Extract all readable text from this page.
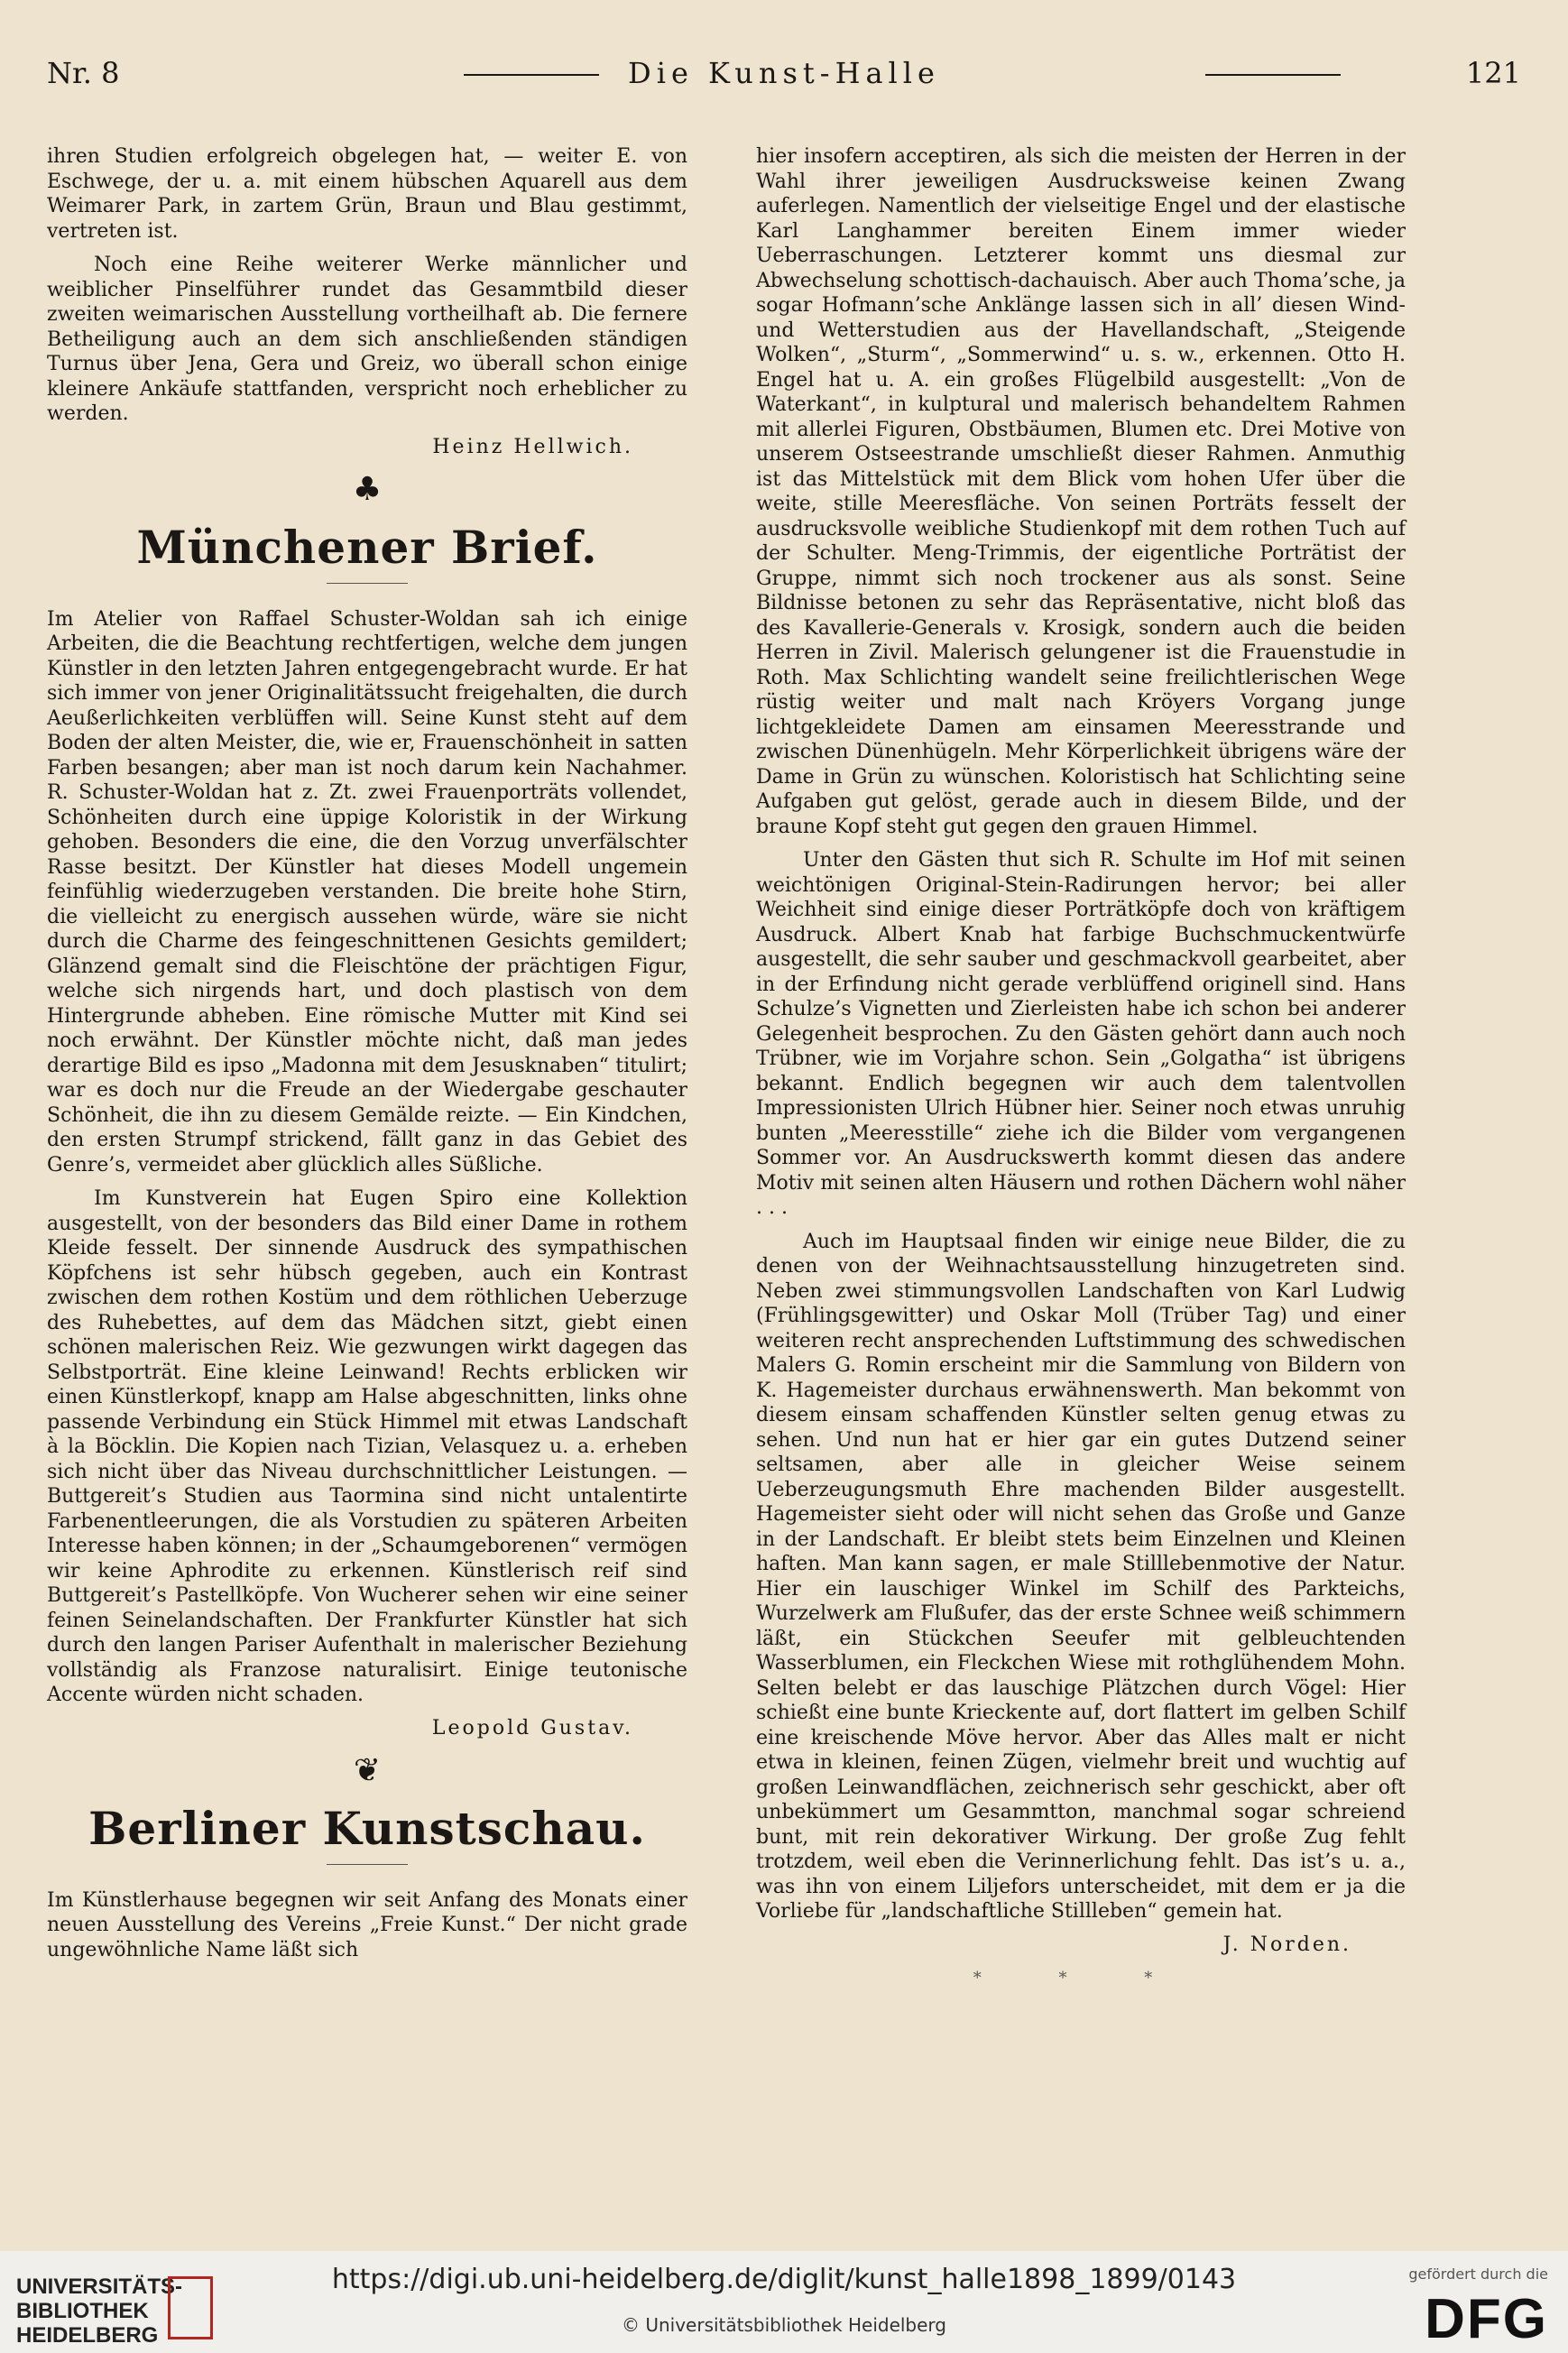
Nr. 8	Die Kunst-Halle	121

ihren Studien erfolgreich obgelegen hat, — weiter E. von Eschwege, der u. a. mit einem hübschen Aquarell aus dem Weimarer Park, in zartem Grün, Braun und Blau gestimmt, vertreten ist.

Noch eine Reihe weiterer Werke männlicher und weiblicher Pinselführer rundet das Gesammtbild dieser zweiten weimarischen Ausstellung vortheilhaft ab. Die fernere Betheiligung auch an dem sich anschließenden ständigen Turnus über Jena, Gera und Greiz, wo überall schon einige kleinere Ankäufe stattfanden, verspricht noch erheblicher zu werden.

Heinz Hellwich.
♣
Münchener Brief.

Im Atelier von Raffael Schuster-Woldan sah ich einige Arbeiten, die die Beachtung rechtfertigen, welche dem jungen Künstler in den letzten Jahren entgegengebracht wurde. Er hat sich immer von jener Originalitätssucht freigehalten, die durch Aeußerlichkeiten verblüffen will. Seine Kunst steht auf dem Boden der alten Meister, die, wie er, Frauenschönheit in satten Farben besangen; aber man ist noch darum kein Nachahmer. R. Schuster-Woldan hat z. Zt. zwei Frauenporträts vollendet, Schönheiten durch eine üppige Koloristik in der Wirkung gehoben. Besonders die eine, die den Vorzug unverfälschter Rasse besitzt. Der Künstler hat dieses Modell ungemein feinfühlig wiederzugeben verstanden. Die breite hohe Stirn, die vielleicht zu energisch aussehen würde, wäre sie nicht durch die Charme des feingeschnittenen Gesichts gemildert; Glänzend gemalt sind die Fleischtöne der prächtigen Figur, welche sich nirgends hart, und doch plastisch von dem Hintergrunde abheben. Eine römische Mutter mit Kind sei noch erwähnt. Der Künstler möchte nicht, daß man jedes derartige Bild es ipso „Madonna mit dem Jesusknaben“ titulirt; war es doch nur die Freude an der Wiedergabe geschauter Schönheit, die ihn zu diesem Gemälde reizte. — Ein Kindchen, den ersten Strumpf strickend, fällt ganz in das Gebiet des Genre’s, vermeidet aber glücklich alles Süßliche.

Im Kunstverein hat Eugen Spiro eine Kollektion ausgestellt, von der besonders das Bild einer Dame in rothem Kleide fesselt. Der sinnende Ausdruck des sympathischen Köpfchens ist sehr hübsch gegeben, auch ein Kontrast zwischen dem rothen Kostüm und dem röthlichen Ueberzuge des Ruhebettes, auf dem das Mädchen sitzt, giebt einen schönen malerischen Reiz. Wie gezwungen wirkt dagegen das Selbstporträt. Eine kleine Leinwand! Rechts erblicken wir einen Künstlerkopf, knapp am Halse abgeschnitten, links ohne passende Verbindung ein Stück Himmel mit etwas Landschaft à la Böcklin. Die Kopien nach Tizian, Velasquez u. a. erheben sich nicht über das Niveau durchschnittlicher Leistungen. — Buttgereit’s Studien aus Taormina sind nicht untalentirte Farbenentleerungen, die als Vorstudien zu späteren Arbeiten Interesse haben können; in der „Schaumgeborenen“ vermögen wir keine Aphrodite zu erkennen. Künstlerisch reif sind Buttgereit’s Pastellköpfe. Von Wucherer sehen wir eine seiner feinen Seinelandschaften. Der Frankfurter Künstler hat sich durch den langen Pariser Aufenthalt in malerischer Beziehung vollständig als Franzose naturalisirt. Einige teutonische Accente würden nicht schaden.

Leopold Gustav.
❦
Berliner Kunstschau.

Im Künstlerhause begegnen wir seit Anfang des Monats einer neuen Ausstellung des Vereins „Freie Kunst.“ Der nicht grade ungewöhnliche Name läßt sich

hier insofern acceptiren, als sich die meisten der Herren in der Wahl ihrer jeweiligen Ausdrucksweise keinen Zwang auferlegen. Namentlich der vielseitige Engel und der elastische Karl Langhammer bereiten Einem immer wieder Ueberraschungen. Letzterer kommt uns diesmal zur Abwechselung schottisch-dachauisch. Aber auch Thoma’sche, ja sogar Hofmann’sche Anklänge lassen sich in all’ diesen Wind- und Wetterstudien aus der Havellandschaft, „Steigende Wolken“, „Sturm“, „Sommerwind“ u. s. w., erkennen. Otto H. Engel hat u. A. ein großes Flügelbild ausgestellt: „Von de Waterkant“, in kulptural und malerisch behandeltem Rahmen mit allerlei Figuren, Obstbäumen, Blumen etc. Drei Motive von unserem Ostseestrande umschließt dieser Rahmen. Anmuthig ist das Mittelstück mit dem Blick vom hohen Ufer über die weite, stille Meeresfläche. Von seinen Porträts fesselt der ausdrucksvolle weibliche Studienkopf mit dem rothen Tuch auf der Schulter. Meng-Trimmis, der eigentliche Porträtist der Gruppe, nimmt sich noch trockener aus als sonst. Seine Bildnisse betonen zu sehr das Repräsentative, nicht bloß das des Kavallerie-Generals v. Krosigk, sondern auch die beiden Herren in Zivil. Malerisch gelungener ist die Frauenstudie in Roth. Max Schlichting wandelt seine freilichtlerischen Wege rüstig weiter und malt nach Kröyers Vorgang junge lichtgekleidete Damen am einsamen Meeresstrande und zwischen Dünenhügeln. Mehr Körperlichkeit übrigens wäre der Dame in Grün zu wünschen. Koloristisch hat Schlichting seine Aufgaben gut gelöst, gerade auch in diesem Bilde, und der braune Kopf steht gut gegen den grauen Himmel.

Unter den Gästen thut sich R. Schulte im Hof mit seinen weichtönigen Original-Stein-Radirungen hervor; bei aller Weichheit sind einige dieser Porträtköpfe doch von kräftigem Ausdruck. Albert Knab hat farbige Buchschmuckentwürfe ausgestellt, die sehr sauber und geschmackvoll gearbeitet, aber in der Erfindung nicht gerade verblüffend originell sind. Hans Schulze’s Vignetten und Zierleisten habe ich schon bei anderer Gelegenheit besprochen. Zu den Gästen gehört dann auch noch Trübner, wie im Vorjahre schon. Sein „Golgatha“ ist übrigens bekannt. Endlich begegnen wir auch dem talentvollen Impressionisten Ulrich Hübner hier. Seiner noch etwas unruhig bunten „Meeresstille“ ziehe ich die Bilder vom vergangenen Sommer vor. An Ausdruckswerth kommt diesen das andere Motiv mit seinen alten Häusern und rothen Dächern wohl näher . . .

Auch im Hauptsaal finden wir einige neue Bilder, die zu denen von der Weihnachtsausstellung hinzugetreten sind. Neben zwei stimmungsvollen Landschaften von Karl Ludwig (Frühlingsgewitter) und Oskar Moll (Trüber Tag) und einer weiteren recht ansprechenden Luftstimmung des schwedischen Malers G. Romin erscheint mir die Sammlung von Bildern von K. Hagemeister durchaus erwähnenswerth. Man bekommt von diesem einsam schaffenden Künstler selten genug etwas zu sehen. Und nun hat er hier gar ein gutes Dutzend seiner seltsamen, aber alle in gleicher Weise seinem Ueberzeugungsmuth Ehre machenden Bilder ausgestellt. Hagemeister sieht oder will nicht sehen das Große und Ganze in der Landschaft. Er bleibt stets beim Einzelnen und Kleinen haften. Man kann sagen, er male Stilllebenmotive der Natur. Hier ein lauschiger Winkel im Schilf des Parkteichs, Wurzelwerk am Flußufer, das der erste Schnee weiß schimmern läßt, ein Stückchen Seeufer mit gelbleuchtenden Wasserblumen, ein Fleckchen Wiese mit rothglühendem Mohn. Selten belebt er das lauschige Plätzchen durch Vögel: Hier schießt eine bunte Krieckente auf, dort flattert im gelben Schilf eine kreischende Möve hervor. Aber das Alles malt er nicht etwa in kleinen, feinen Zügen, vielmehr breit und wuchtig auf großen Leinwandflächen, zeichnerisch sehr geschickt, aber oft unbekümmert um Gesammtton, manchmal sogar schreiend bunt, mit rein dekorativer Wirkung. Der große Zug fehlt trotzdem, weil eben die Verinnerlichung fehlt. Das ist’s u. a., was ihn von einem Liljefors unterscheidet, mit dem er ja die Vorliebe für „landschaftliche Stillleben“ gemein hat.

J. Norden.
* * *
UNIVERSITÄTS-
BIBLIOTHEK
HEIDELBERG
https://digi.ub.uni-heidelberg.de/diglit/kunst_halle1898_1899/0143
© Universitätsbibliothek Heidelberg
gefördert durch die
DFG
